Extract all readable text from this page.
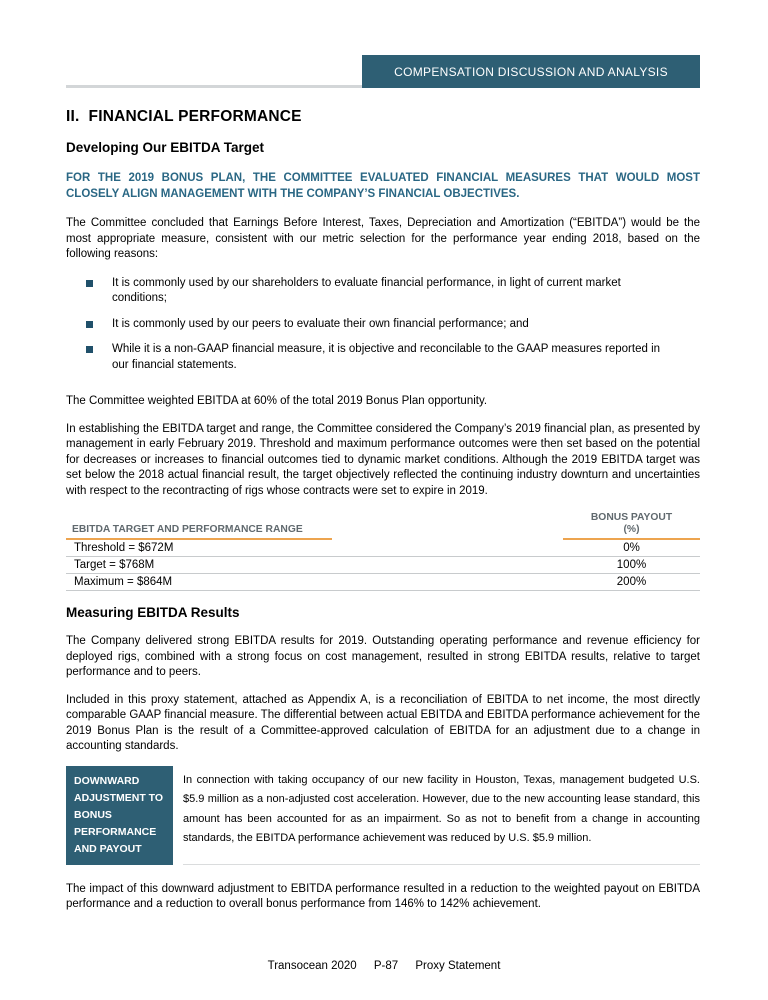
COMPENSATION DISCUSSION AND ANALYSIS
II.  FINANCIAL PERFORMANCE
Developing Our EBITDA Target

FOR THE 2019 BONUS PLAN, THE COMMITTEE EVALUATED FINANCIAL MEASURES THAT WOULD MOST CLOSELY ALIGN MANAGEMENT WITH THE COMPANY’S FINANCIAL OBJECTIVES.

The Committee concluded that Earnings Before Interest, Taxes, Depreciation and Amortization (“EBITDA”) would be the most appropriate measure, consistent with our metric selection for the performance year ending 2018, based on the following reasons:

It is commonly used by our shareholders to evaluate financial performance, in light of current market conditions;
It is commonly used by our peers to evaluate their own financial performance; and
While it is a non-GAAP financial measure, it is objective and reconcilable to the GAAP measures reported in our financial statements.

The Committee weighted EBITDA at 60% of the total 2019 Bonus Plan opportunity.

In establishing the EBITDA target and range, the Committee considered the Company’s 2019 financial plan, as presented by management in early February 2019. Threshold and maximum performance outcomes were then set based on the potential for decreases or increases to financial outcomes tied to dynamic market conditions. Although the 2019 EBITDA target was set below the 2018 actual financial result, the target objectively reflected the continuing industry downturn and uncertainties with respect to the recontracting of rigs whose contracts were set to expire in 2019.

EBITDA TARGET AND PERFORMANCE RANGE
BONUS PAYOUT
(%)
Threshold = $672M	0%
Target = $768M	100%
Maximum = $864M	200%
Measuring EBITDA Results

The Company delivered strong EBITDA results for 2019. Outstanding operating performance and revenue efficiency for deployed rigs, combined with a strong focus on cost management, resulted in strong EBITDA results, relative to target performance and to peers.

Included in this proxy statement, attached as Appendix A, is a reconciliation of EBITDA to net income, the most directly comparable GAAP financial measure. The differential between actual EBITDA and EBITDA performance achievement for the 2019 Bonus Plan is the result of a Committee-approved calculation of EBITDA for an adjustment due to a change in accounting standards.

DOWNWARD ADJUSTMENT TO BONUS PERFORMANCE AND PAYOUT
In connection with taking occupancy of our new facility in Houston, Texas, management budgeted U.S. $5.9 million as a non-adjusted cost acceleration. However, due to the new accounting lease standard, this amount has been accounted for as an impairment. So as not to benefit from a change in accounting standards, the EBITDA performance achievement was reduced by U.S. $5.9 million.

The impact of this downward adjustment to EBITDA performance resulted in a reduction to the weighted payout on EBITDA performance and a reduction to overall bonus performance from 146% to 142% achievement.

Transocean 2020 P-87 Proxy Statement
